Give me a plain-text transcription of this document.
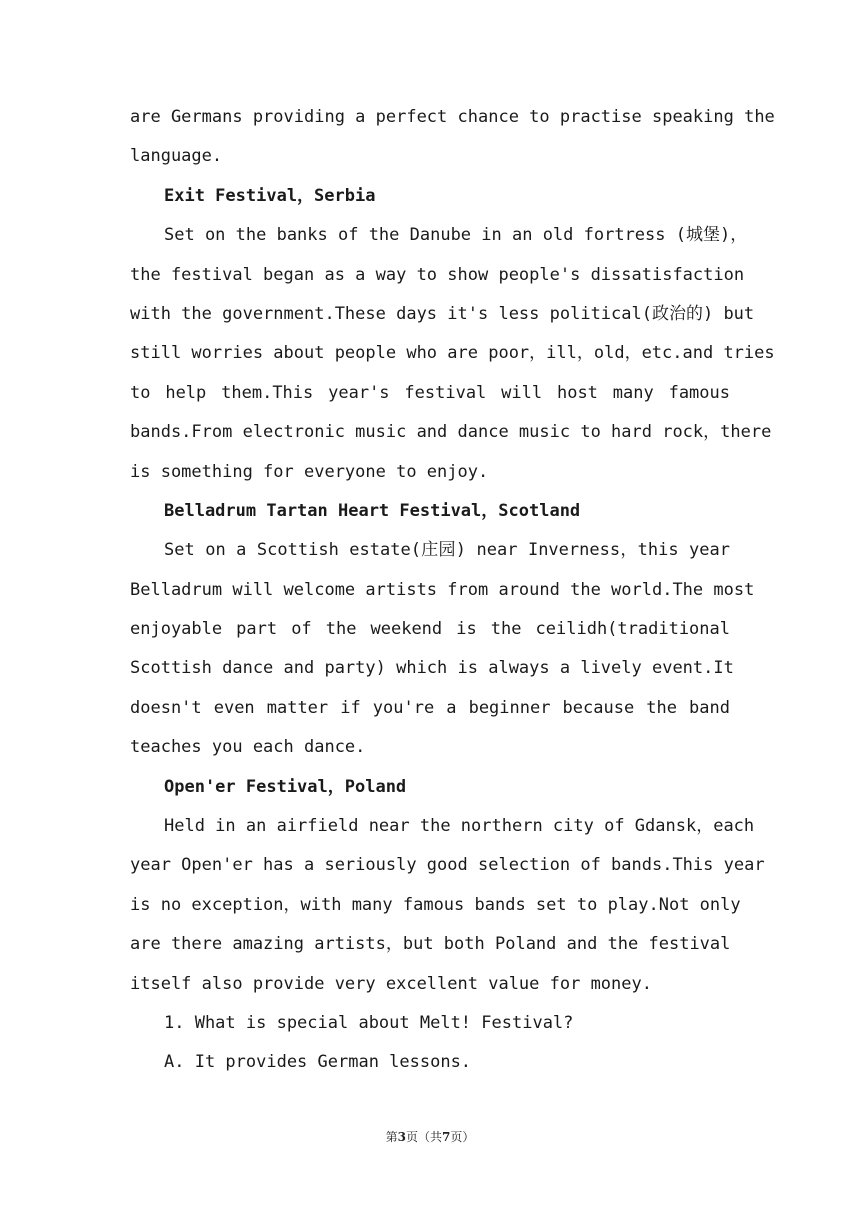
are Germans providing a perfect chance to practise speaking the
language.
Exit Festival，Serbia
Set on the banks of the Danube in an old fortress (城堡)，
the festival began as a way to show people's dissatisfaction
with the government.These days it's less political(政治的) but
still worries about people who are poor，ill，old，etc.and tries
to help them.This year's festival will host many famous
bands.From electronic music and dance music to hard rock，there
is something for everyone to enjoy.
Belladrum Tartan Heart Festival，Scotland
Set on a Scottish estate(庄园) near Inverness，this year
Belladrum will welcome artists from around the world.The most
enjoyable part of the weekend is the ceilidh(traditional
Scottish dance and party) which is always a lively event.It
doesn't even matter if you're a beginner because the band
teaches you each dance.
Open'er Festival，Poland
Held in an airfield near the northern city of Gdansk，each
year Open'er has a seriously good selection of bands.This year
is no exception，with many famous bands set to play.Not only
are there amazing artists，but both Poland and the festival
itself also provide very excellent value for money.
1. What is special about Melt! Festival?
A. It provides German lessons.
第3页（共7页）
